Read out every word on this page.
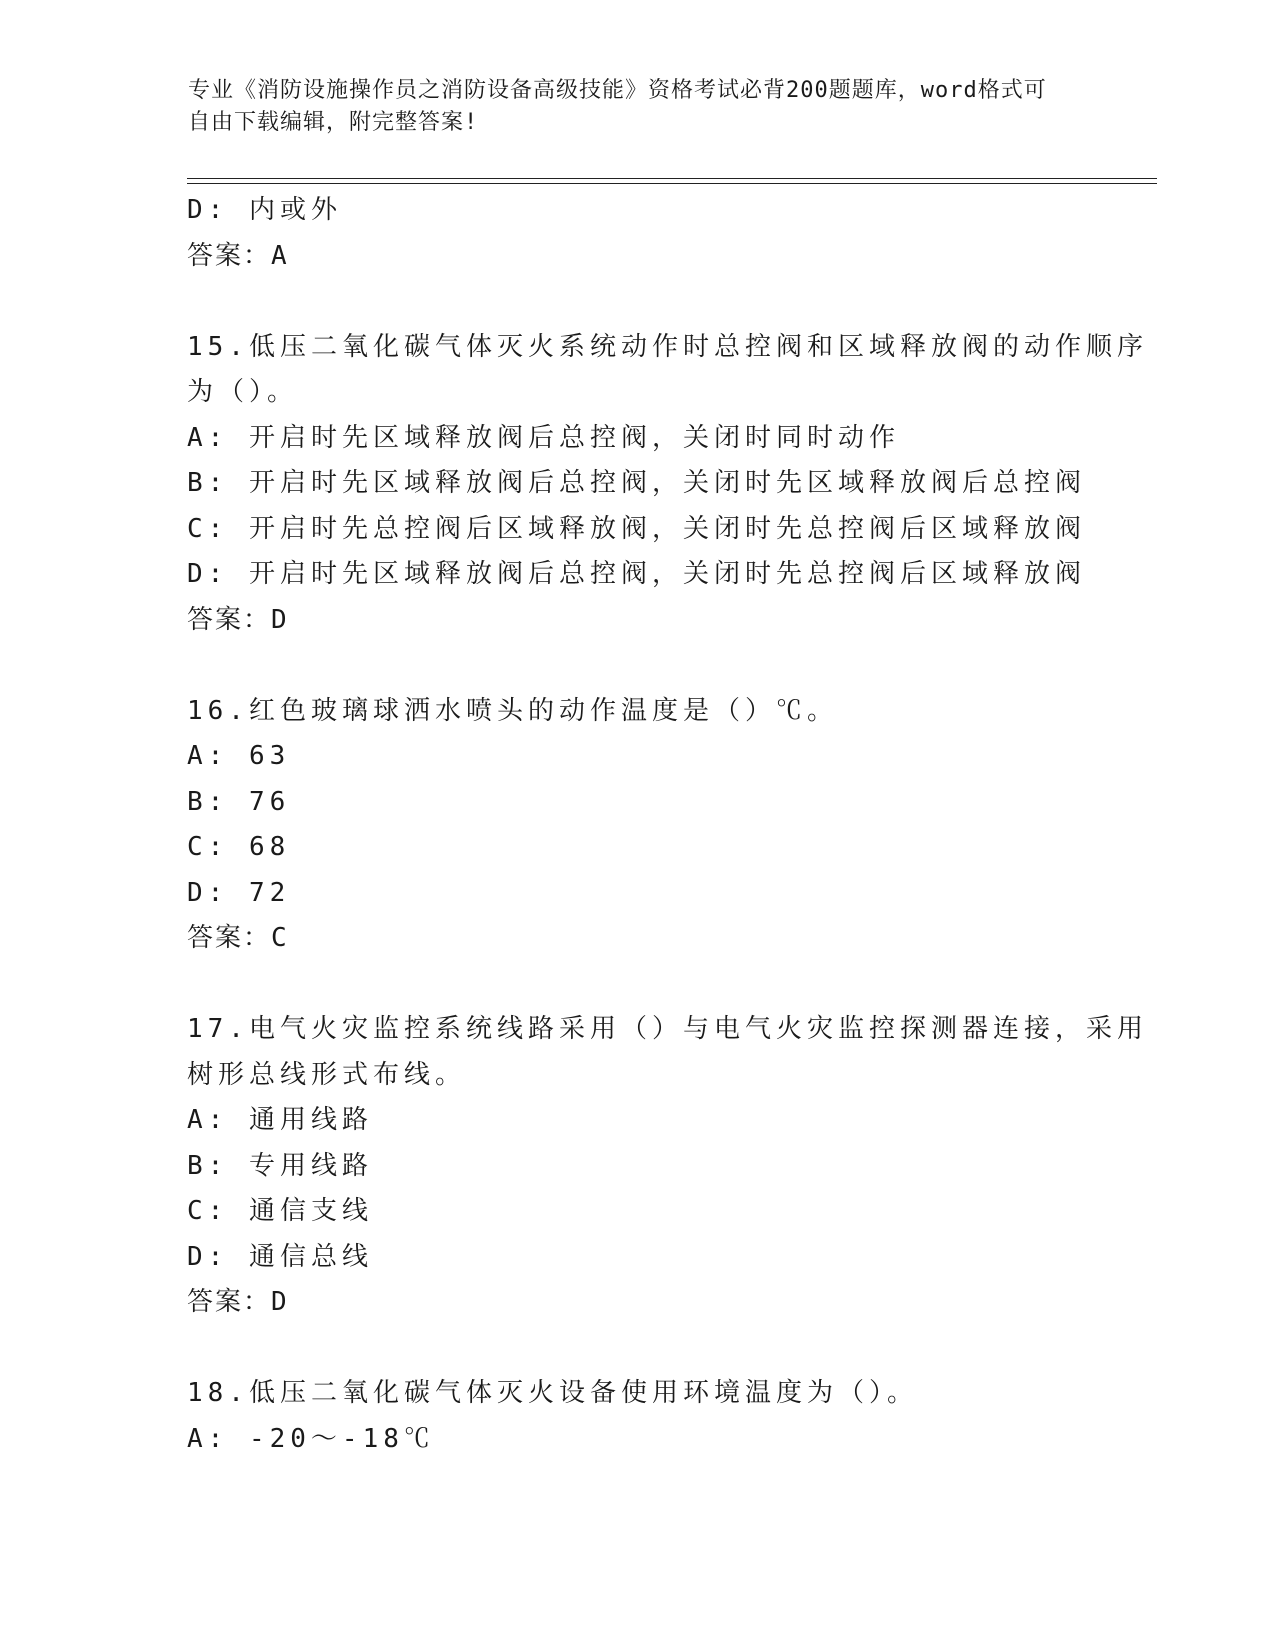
专业《消防设施操作员之消防设备高级技能》资格考试必背200题题库，word格式可自由下载编辑，附完整答案!
D: 内或外
答案：A
15.低压二氧化碳气体灭火系统动作时总控阀和区域释放阀的动作顺序
为（）。
A: 开启时先区域释放阀后总控阀，关闭时同时动作
B: 开启时先区域释放阀后总控阀，关闭时先区域释放阀后总控阀
C: 开启时先总控阀后区域释放阀，关闭时先总控阀后区域释放阀
D: 开启时先区域释放阀后总控阀，关闭时先总控阀后区域释放阀
答案：D
16.红色玻璃球洒水喷头的动作温度是（）℃。
A: 63
B: 76
C: 68
D: 72
答案：C
17.电气火灾监控系统线路采用（）与电气火灾监控探测器连接，采用
树形总线形式布线。
A: 通用线路
B: 专用线路
C: 通信支线
D: 通信总线
答案：D
18.低压二氧化碳气体灭火设备使用环境温度为（）。
A: -20～-18℃
